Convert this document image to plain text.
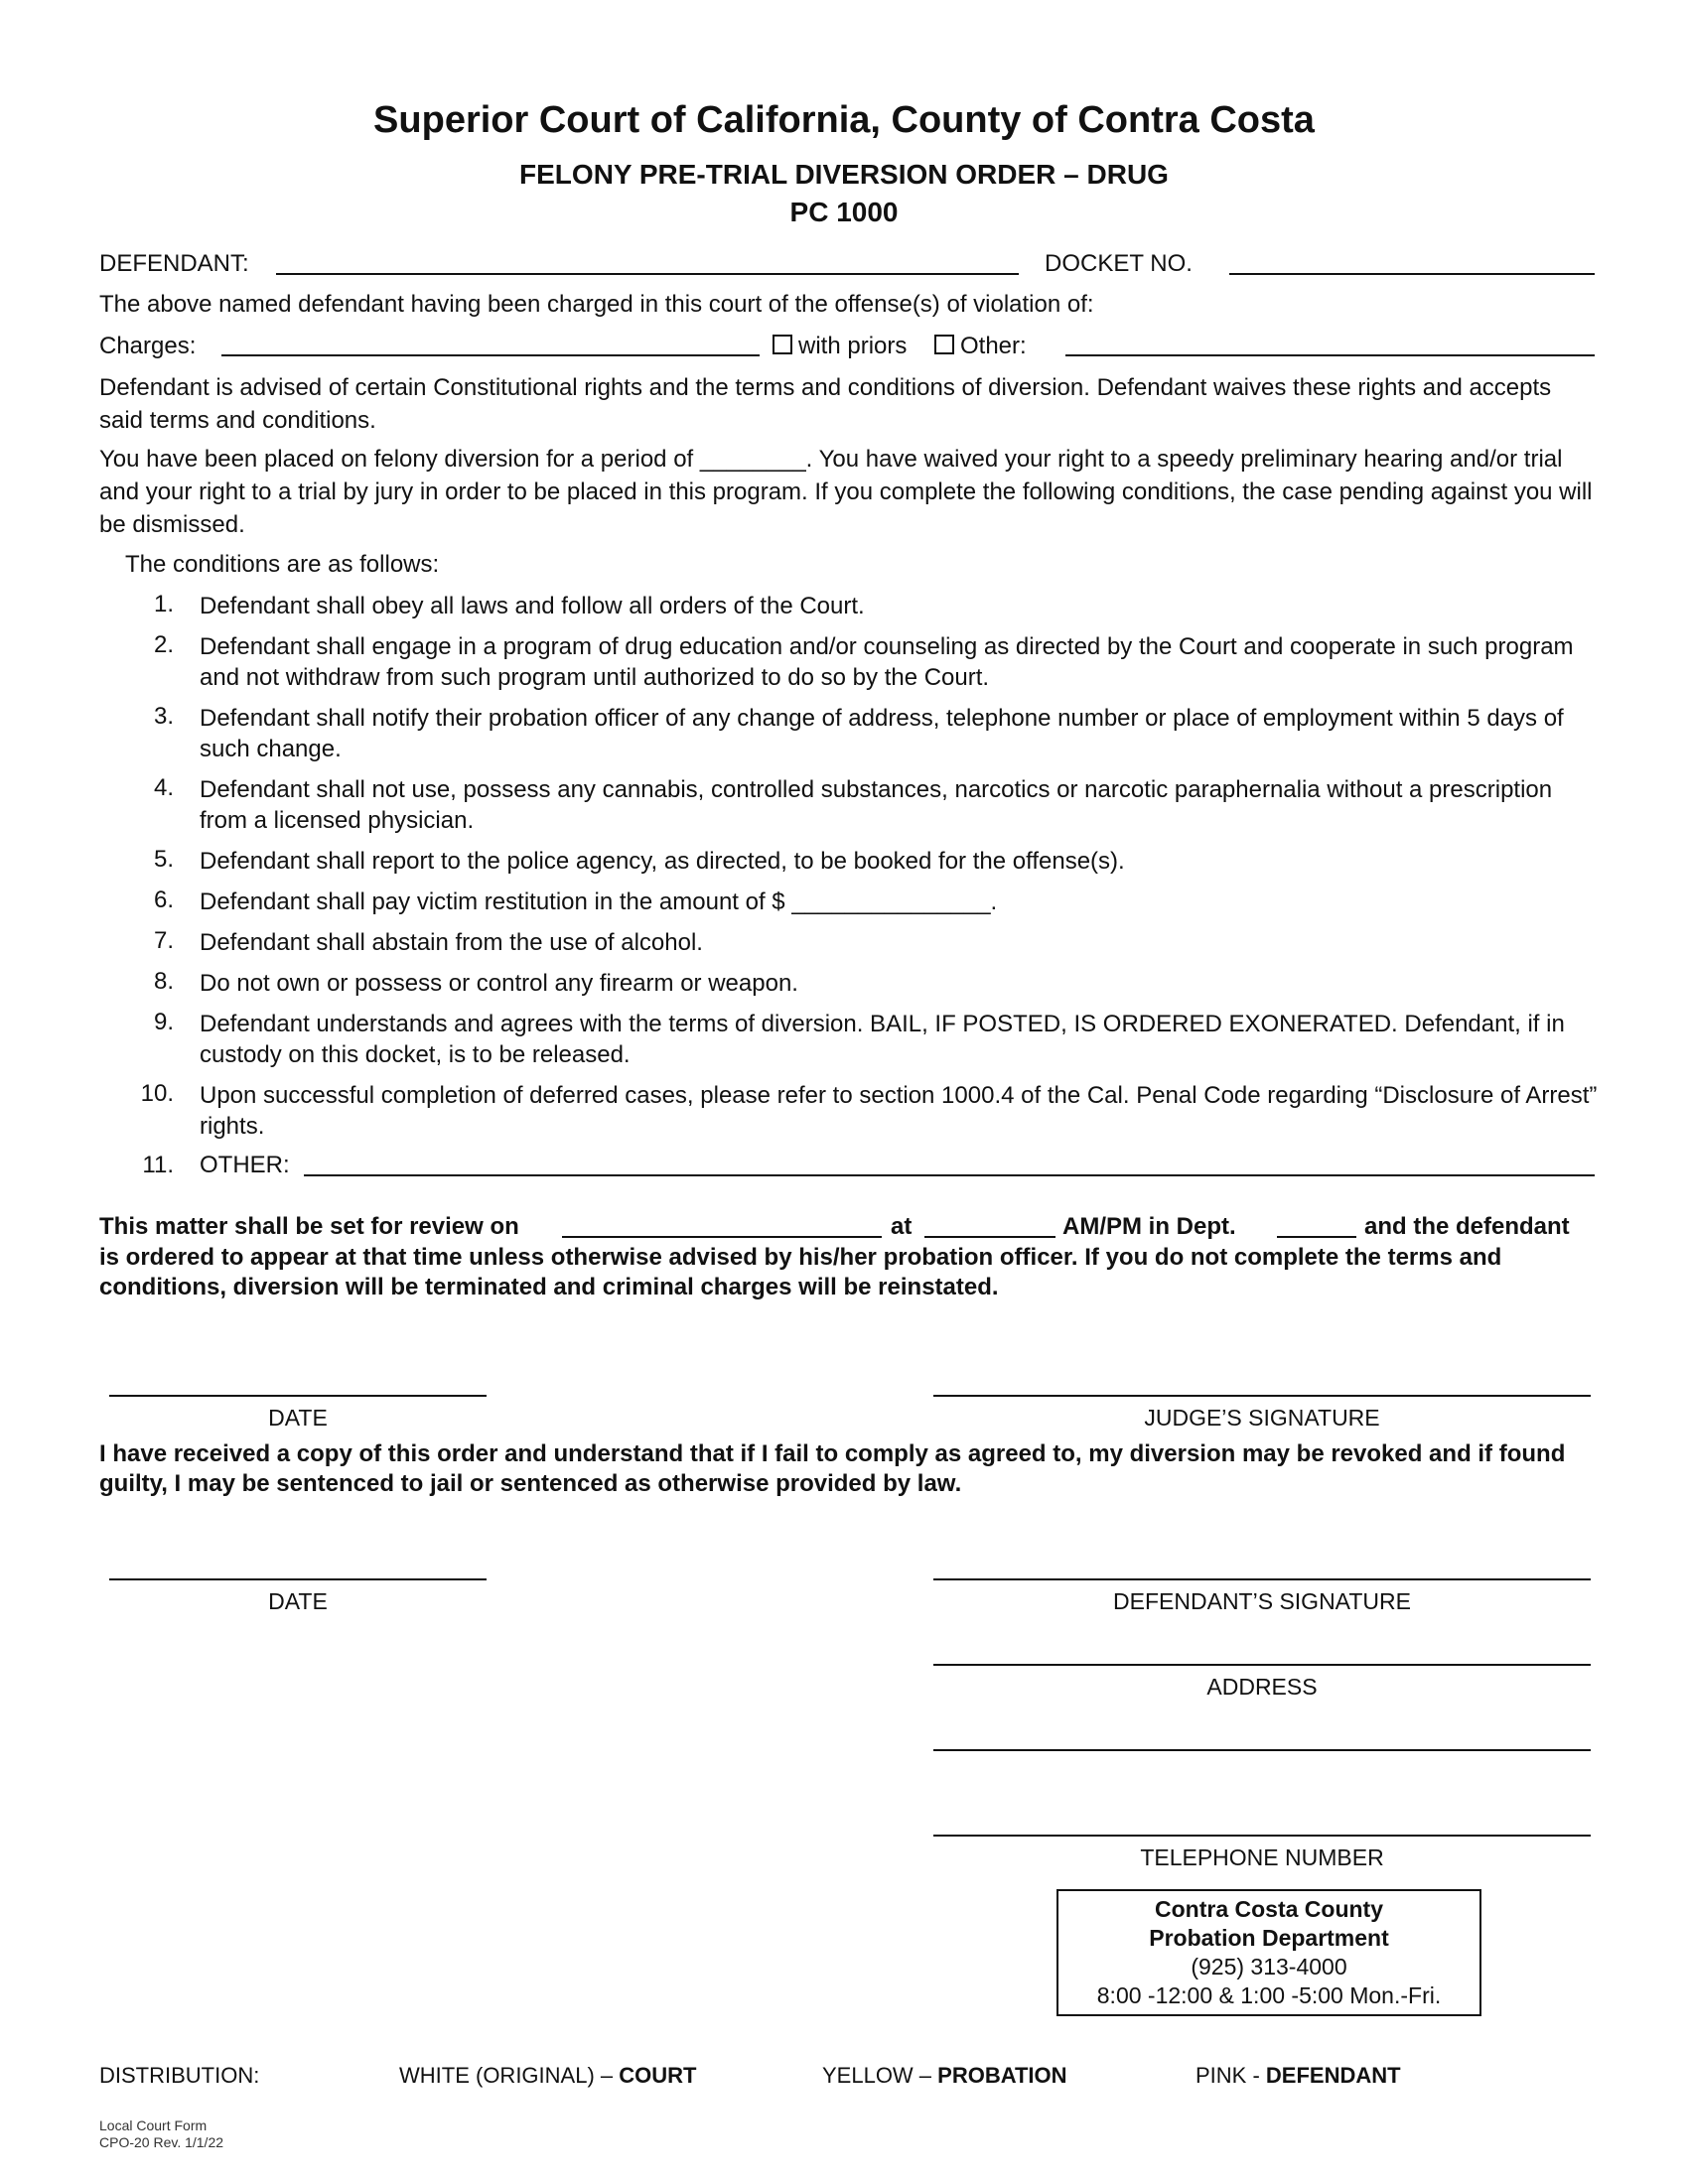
Superior Court of California, County of Contra Costa
FELONY PRE-TRIAL DIVERSION ORDER – DRUG
PC 1000
DEFENDANT:	DOCKET NO.
The above named defendant having been charged in this court of the offense(s) of violation of:
Charges:	with priors	Other:
Defendant is advised of certain Constitutional rights and the terms and conditions of diversion. Defendant waives these rights and accepts said terms and conditions.
You have been placed on felony diversion for a period of ________. You have waived your right to a speedy preliminary hearing and/or trial and your right to a trial by jury in order to be placed in this program. If you complete the following conditions, the case pending against you will be dismissed.
The conditions are as follows:
1. Defendant shall obey all laws and follow all orders of the Court.
2. Defendant shall engage in a program of drug education and/or counseling as directed by the Court and cooperate in such program and not withdraw from such program until authorized to do so by the Court.
3. Defendant shall notify their probation officer of any change of address, telephone number or place of employment within 5 days of such change.
4. Defendant shall not use, possess any cannabis, controlled substances, narcotics or narcotic paraphernalia without a prescription from a licensed physician.
5. Defendant shall report to the police agency, as directed, to be booked for the offense(s).
6. Defendant shall pay victim restitution in the amount of $ _______________.
7. Defendant shall abstain from the use of alcohol.
8. Do not own or possess or control any firearm or weapon.
9. Defendant understands and agrees with the terms of diversion. BAIL, IF POSTED, IS ORDERED EXONERATED. Defendant, if in custody on this docket, is to be released.
10. Upon successful completion of deferred cases, please refer to section 1000.4 of the Cal. Penal Code regarding “Disclosure of Arrest” rights.
11. OTHER:
This matter shall be set for review on	at	AM/PM in Dept.	and the defendant
is ordered to appear at that time unless otherwise advised by his/her probation officer. If you do not complete the terms and conditions, diversion will be terminated and criminal charges will be reinstated.
DATE	JUDGE’S SIGNATURE
I have received a copy of this order and understand that if I fail to comply as agreed to, my diversion may be revoked and if found guilty, I may be sentenced to jail or sentenced as otherwise provided by law.
DATE	DEFENDANT’S SIGNATURE
ADDRESS
TELEPHONE NUMBER
Contra Costa County
Probation Department
(925) 313-4000
8:00 -12:00 & 1:00 -5:00 Mon.-Fri.
DISTRIBUTION:	WHITE (ORIGINAL) – COURT	YELLOW – PROBATION	PINK - DEFENDANT
Local Court Form
CPO-20 Rev. 1/1/22
